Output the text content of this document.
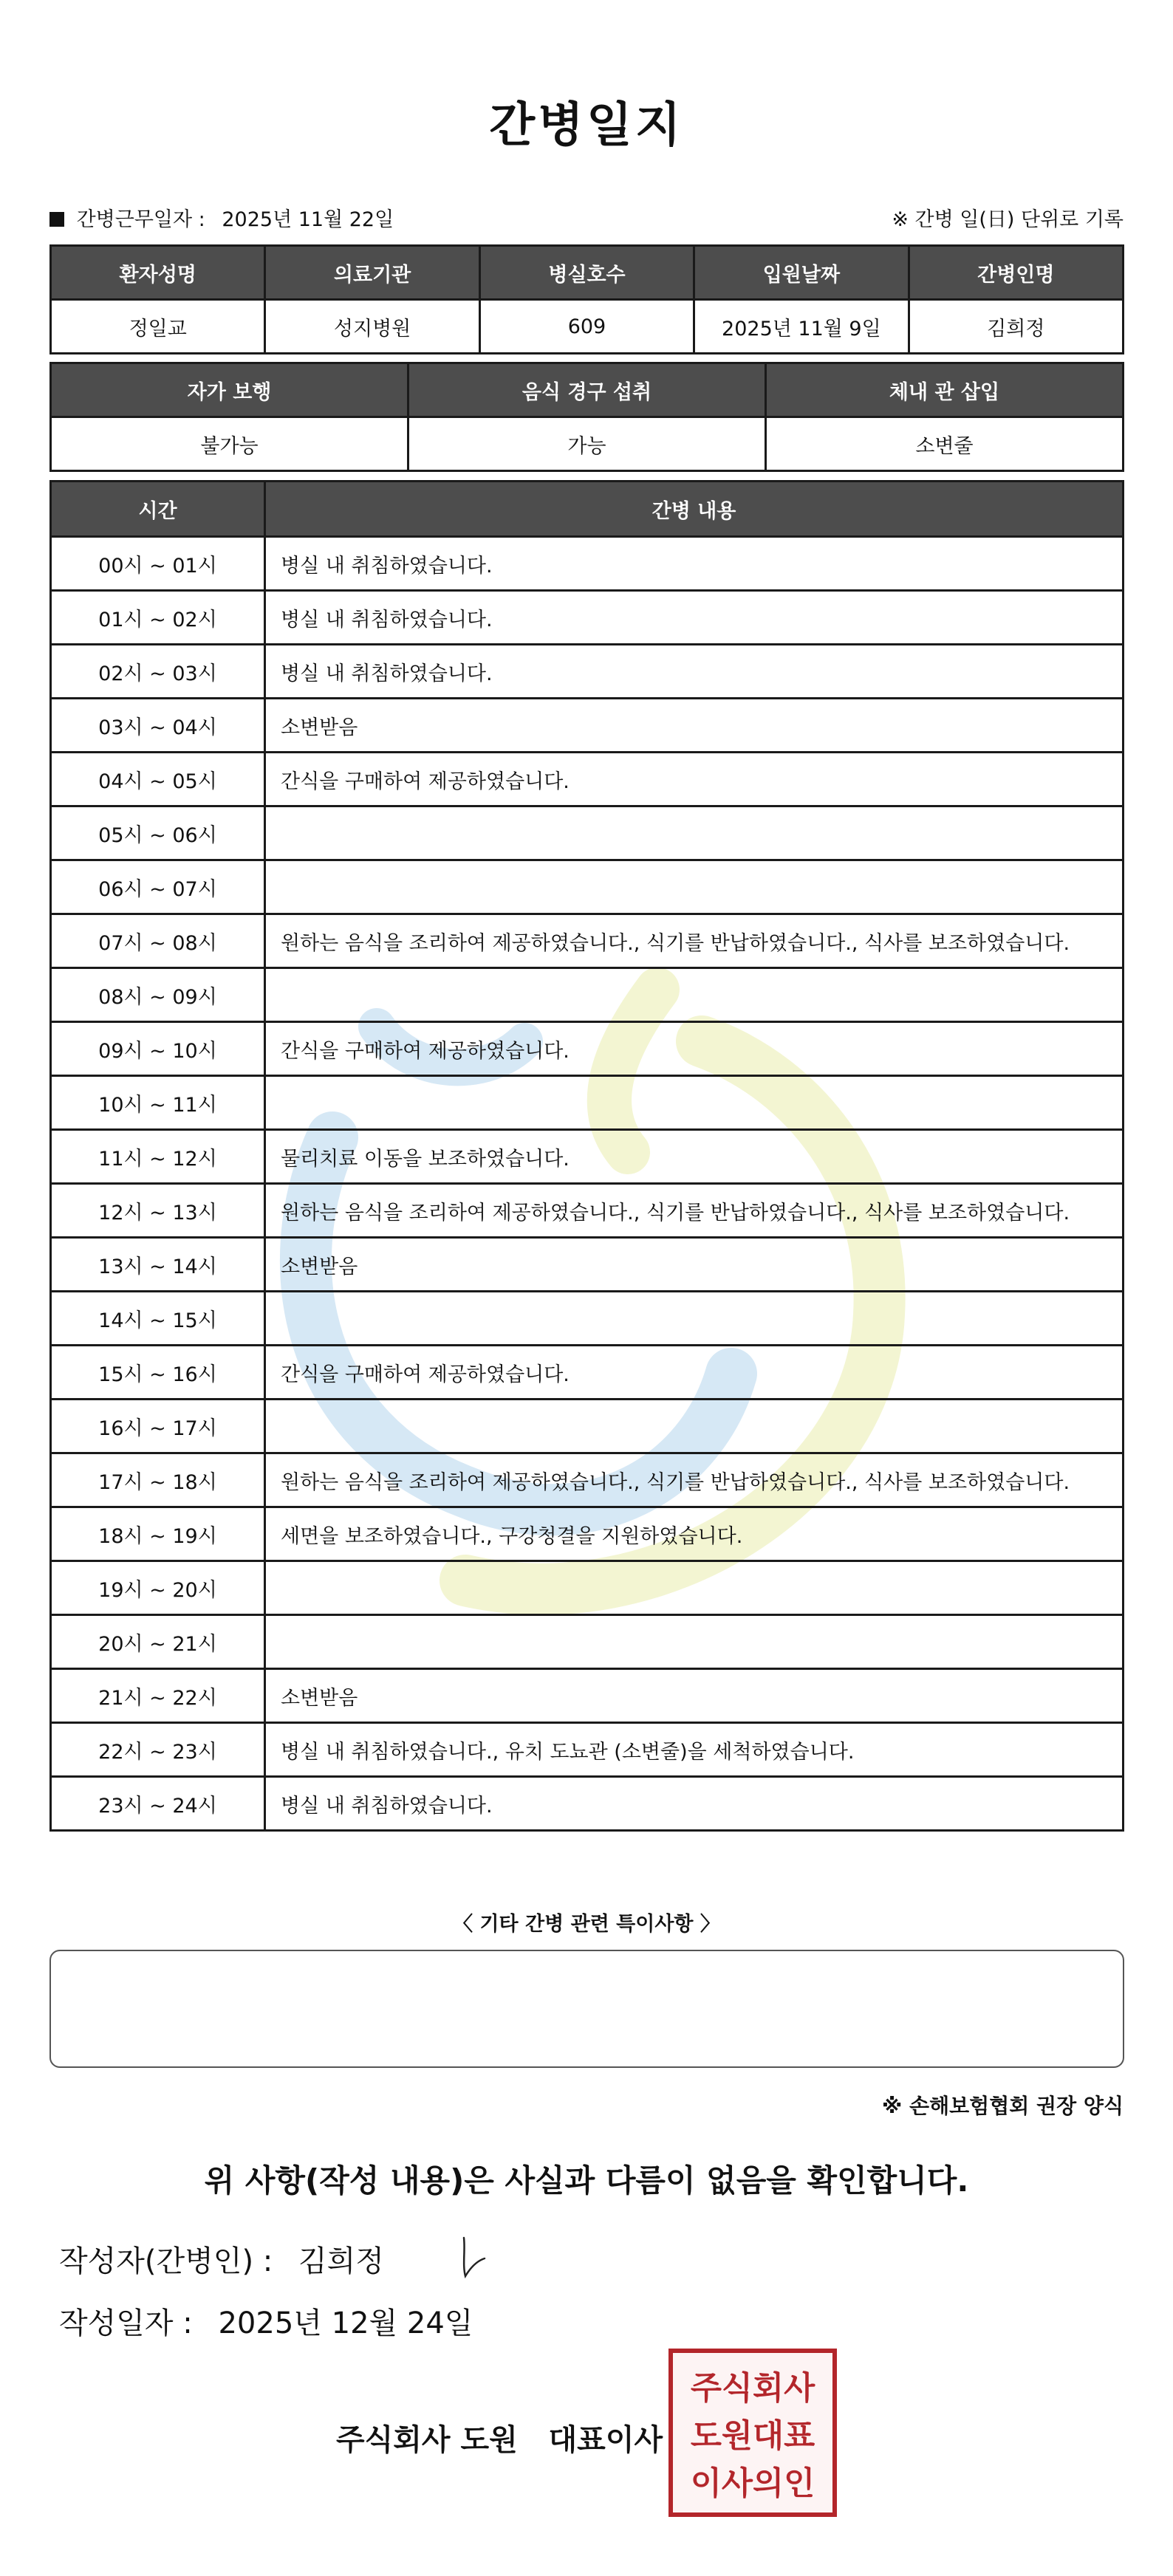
간병일지
간병근무일자 : 2025년 11월 22일	※ 간병 일(日) 단위로 기록
환자성명	의료기관	병실호수	입원날짜	간병인명
정일교	성지병원	609	2025년 11월 9일	김희정
자가 보행	음식 경구 섭취	체내 관 삽입
불가능	가능	소변줄
시간	간병 내용
00시 ~ 01시	병실 내 취침하였습니다.
01시 ~ 02시	병실 내 취침하였습니다.
02시 ~ 03시	병실 내 취침하였습니다.
03시 ~ 04시	소변받음
04시 ~ 05시	간식을 구매하여 제공하였습니다.
05시 ~ 06시	
06시 ~ 07시	
07시 ~ 08시	원하는 음식을 조리하여 제공하였습니다., 식기를 반납하였습니다., 식사를 보조하였습니다.
08시 ~ 09시	
09시 ~ 10시	간식을 구매하여 제공하였습니다.
10시 ~ 11시	
11시 ~ 12시	물리치료 이동을 보조하였습니다.
12시 ~ 13시	원하는 음식을 조리하여 제공하였습니다., 식기를 반납하였습니다., 식사를 보조하였습니다.
13시 ~ 14시	소변받음
14시 ~ 15시	
15시 ~ 16시	간식을 구매하여 제공하였습니다.
16시 ~ 17시	
17시 ~ 18시	원하는 음식을 조리하여 제공하였습니다., 식기를 반납하였습니다., 식사를 보조하였습니다.
18시 ~ 19시	세면을 보조하였습니다., 구강청결을 지원하였습니다.
19시 ~ 20시	
20시 ~ 21시	
21시 ~ 22시	소변받음
22시 ~ 23시	병실 내 취침하였습니다., 유치 도뇨관 (소변줄)을 세척하였습니다.
23시 ~ 24시	병실 내 취침하였습니다.
〈 기타 간병 관련 특이사항 〉
※ 손해보험협회 권장 양식
위 사항(작성 내용)은 사실과 다름이 없음을 확인합니다.
작성자(간병인) : 김희정
작성일자 : 2025년 12월 24일
주식회사 도원   대표이사
주식회사
도원대표
이사의인
